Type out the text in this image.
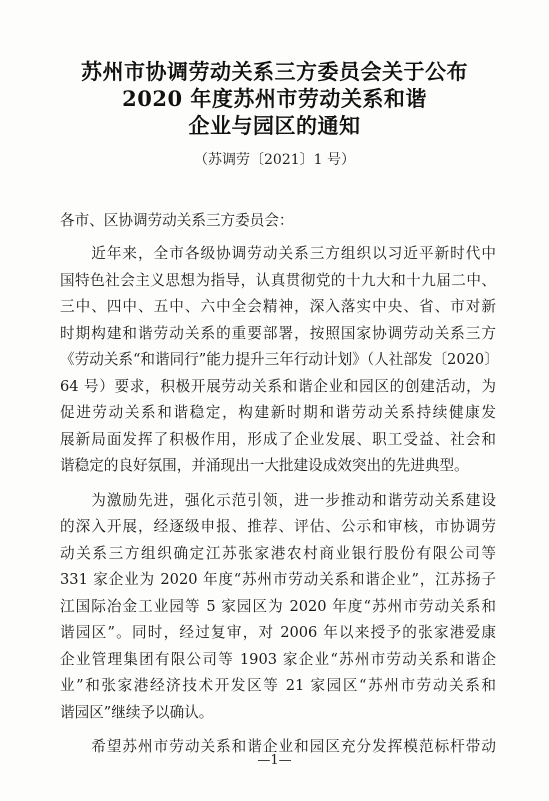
苏州市协调劳动关系三方委员会关于公布
2020 年度苏州市劳动关系和谐
企业与园区的通知
（苏调劳〔2021〕1 号）
各市、区协调劳动关系三方委员会：
　　近年来，全市各级协调劳动关系三方组织以习近平新时代中
国特色社会主义思想为指导，认真贯彻党的十九大和十九届二中、
三中、四中、五中、六中全会精神，深入落实中央、省、市对新
时期构建和谐劳动关系的重要部署，按照国家协调劳动关系三方
《劳动关系“和谐同行”能力提升三年行动计划》（人社部发〔2020〕
64 号）要求，积极开展劳动关系和谐企业和园区的创建活动，为
促进劳动关系和谐稳定，构建新时期和谐劳动关系持续健康发
展新局面发挥了积极作用，形成了企业发展、职工受益、社会和
谐稳定的良好氛围，并涌现出一大批建设成效突出的先进典型。
　　为激励先进，强化示范引领，进一步推动和谐劳动关系建设
的深入开展，经逐级申报、推荐、评估、公示和审核，市协调劳
动关系三方组织确定江苏张家港农村商业银行股份有限公司等
331 家企业为 2020 年度“苏州市劳动关系和谐企业”，江苏扬子
江国际冶金工业园等 5 家园区为 2020 年度“苏州市劳动关系和
谐园区”。同时，经过复审，对 2006 年以来授予的张家港爱康
企业管理集团有限公司等 1903 家企业“苏州市劳动关系和谐企
业”和张家港经济技术开发区等 21 家园区“苏州市劳动关系和
谐园区”继续予以确认。
　　希望苏州市劳动关系和谐企业和园区充分发挥模范标杆带动
—1—
